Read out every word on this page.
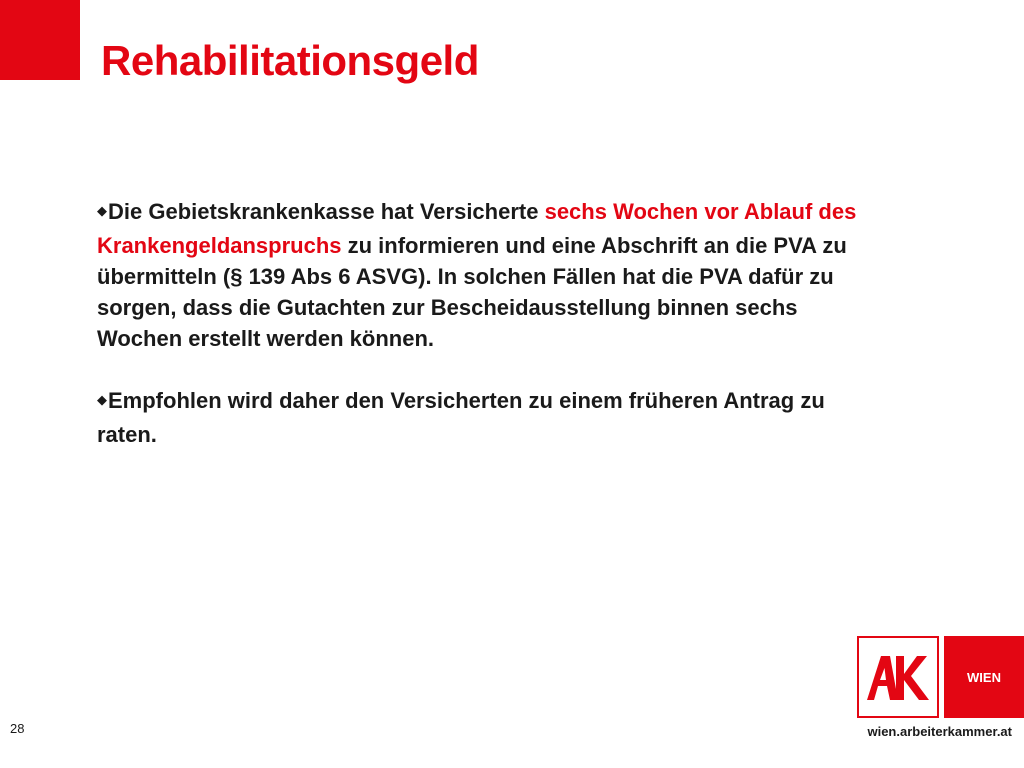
Rehabilitationsgeld

◆Die Gebietskrankenkasse hat Versicherte sechs Wochen vor Ablauf des Krankengeldanspruchs zu informieren und eine Abschrift an die PVA zu übermitteln (§ 139 Abs 6 ASVG). In solchen Fällen hat die PVA dafür zu sorgen, dass die Gutachten zur Bescheidausstellung binnen sechs Wochen erstellt werden können.

◆Empfohlen wird daher den Versicherten zu einem früheren Antrag zu raten.

28
WIEN
wien.arbeiterkammer.at
